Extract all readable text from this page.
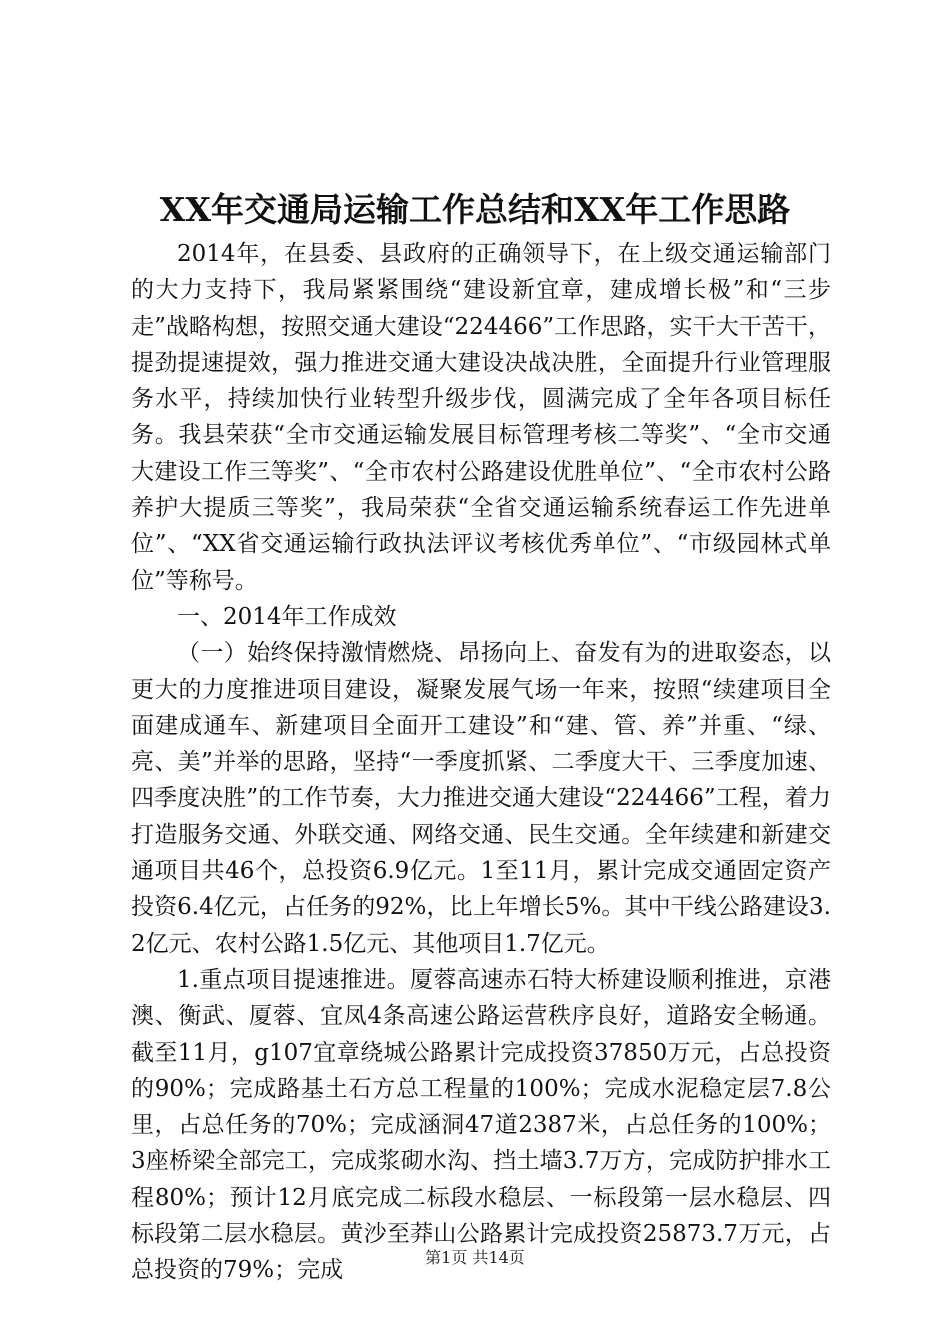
XX年交通局运输工作总结和XX年工作思路

2014年，在县委、县政府的正确领导下，在上级交通运输部门的大力支持下，我局紧紧围绕“建设新宜章，建成增长极”和“三步走”战略构想，按照交通大建设“224466”工作思路，实干大干苦干，提劲提速提效，强力推进交通大建设决战决胜，全面提升行业管理服务水平，持续加快行业转型升级步伐，圆满完成了全年各项目标任务。我县荣获“全市交通运输发展目标管理考核二等奖”、“全市交通大建设工作三等奖”、“全市农村公路建设优胜单位”、“全市农村公路养护大提质三等奖”，我局荣获“全省交通运输系统春运工作先进单位”、“XX省交通运输行政执法评议考核优秀单位”、“市级园林式单位”等称号。

一、2014年工作成效

（一）始终保持激情燃烧、昂扬向上、奋发有为的进取姿态，以更大的力度推进项目建设，凝聚发展气场一年来，按照“续建项目全面建成通车、新建项目全面开工建设”和“建、管、养”并重、“绿、亮、美”并举的思路，坚持“一季度抓紧、二季度大干、三季度加速、四季度决胜”的工作节奏，大力推进交通大建设“224466”工程，着力打造服务交通、外联交通、网络交通、民生交通。全年续建和新建交通项目共46个，总投资6.9亿元。1至11月，累计完成交通固定资产投资6.4亿元，占任务的92%，比上年增长5%。其中干线公路建设3.2亿元、农村公路1.5亿元、其他项目1.7亿元。

1.重点项目提速推进。厦蓉高速赤石特大桥建设顺利推进，京港澳、衡武、厦蓉、宜凤4条高速公路运营秩序良好，道路安全畅通。截至11月，g107宜章绕城公路累计完成投资37850万元，占总投资的90%；完成路基土石方总工程量的100%；完成水泥稳定层7.8公里，占总任务的70%；完成涵洞47道2387米，占总任务的100%；3座桥梁全部完工，完成浆砌水沟、挡土墙3.7万方，完成防护排水工程80%；预计12月底完成二标段水稳层、一标段第一层水稳层、四标段第二层水稳层。黄沙至莽山公路累计完成投资25873.7万元，占总投资的79%；完成	第1页 共14页
